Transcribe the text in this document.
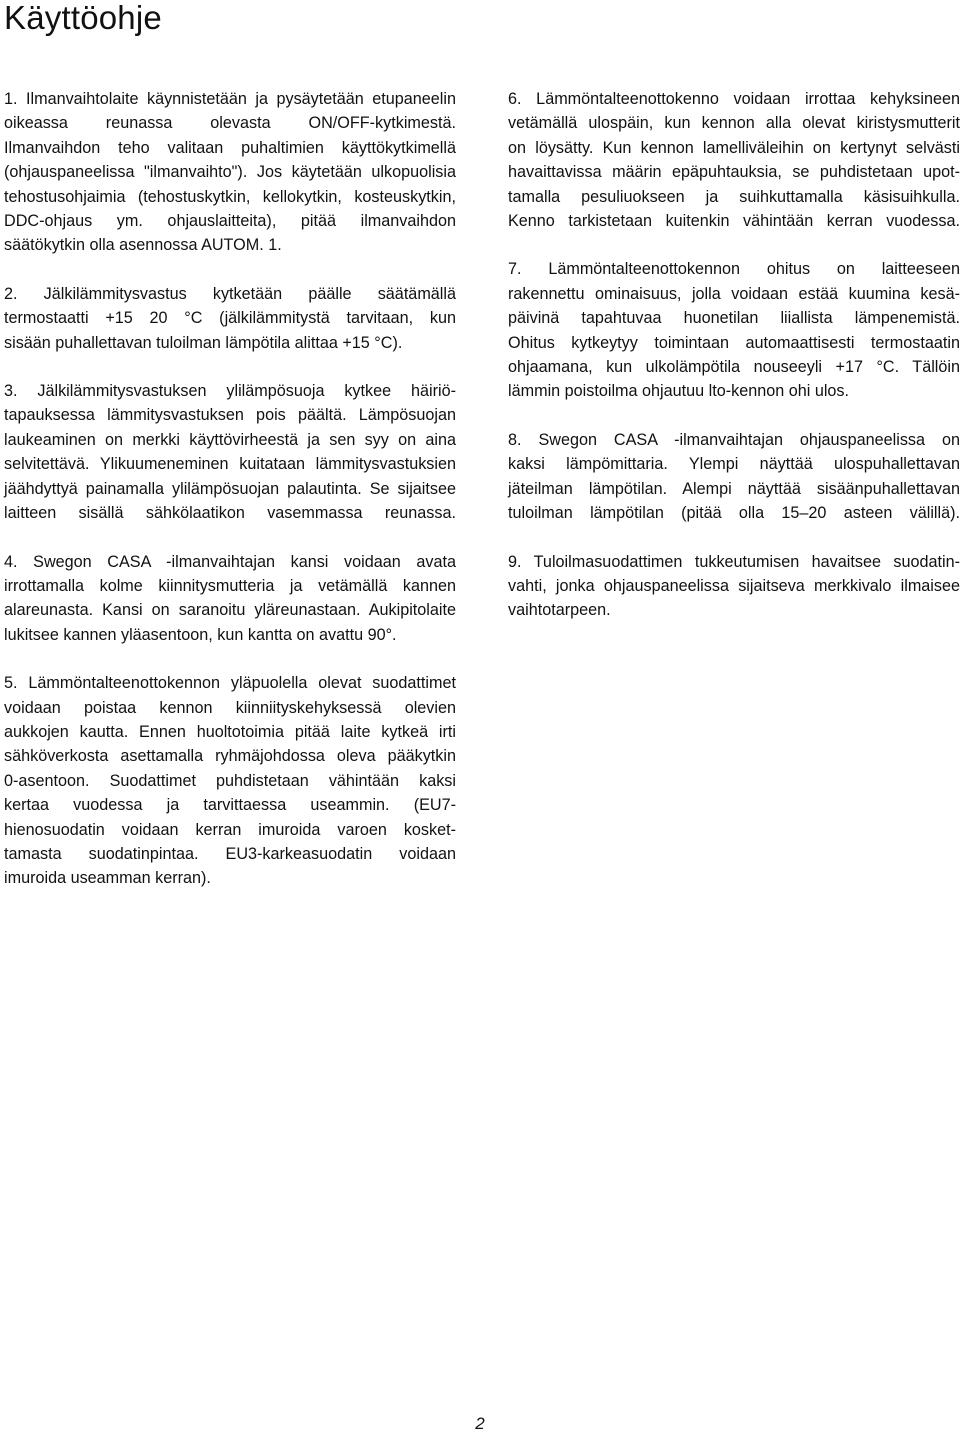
Käyttöohje

1. Ilmanvaihtolaite käynnistetään ja pysäytetään etupaneelin
oikeassa reunassa olevasta ON/OFF-kytkimestä.
Ilmanvaihdon teho valitaan puhaltimien käyttökytkimellä
(ohjauspaneelissa "ilmanvaihto"). Jos käytetään ulkopuolisia
tehostusohjaimia (tehostuskytkin, kellokytkin, kosteuskytkin,
DDC-ohjaus ym. ohjauslaitteita), pitää ilmanvaihdon
säätökytkin olla asennossa AUTOM. 1.

2. Jälkilämmitysvastus kytketään päälle säätämällä
termostaatti +15 20 °C (jälkilämmitystä tarvitaan, kun
sisään puhallettavan tuloilman lämpötila alittaa +15 °C).

3. Jälkilämmitysvastuksen ylilämpösuoja kytkee häiriö-
tapauksessa lämmitysvastuksen pois päältä. Lämpösuojan
laukeaminen on merkki käyttövirheestä ja sen syy on aina
selvitettävä. Ylikuumeneminen kuitataan lämmitysvastuksien
jäähdyttyä painamalla ylilämpösuojan palautinta. Se sijaitsee
laitteen sisällä sähkölaatikon vasemmassa reunassa.

4. Swegon CASA -ilmanvaihtajan kansi voidaan avata
irrottamalla kolme kiinnitysmutteria ja vetämällä kannen
alareunasta. Kansi on saranoitu yläreunastaan. Aukipitolaite
lukitsee kannen yläasentoon, kun kantta on avattu 90°.

5. Lämmöntalteenottokennon yläpuolella olevat suodattimet
voidaan poistaa kennon kiinniityskehyksessä olevien
aukkojen kautta. Ennen huoltotoimia pitää laite kytkeä irti
sähköverkosta asettamalla ryhmäjohdossa oleva pääkytkin
0-asentoon. Suodattimet puhdistetaan vähintään kaksi
kertaa vuodessa ja tarvittaessa useammin. (EU7-
hienosuodatin voidaan kerran imuroida varoen kosket-
tamasta suodatinpintaa. EU3-karkeasuodatin voidaan
imuroida useamman kerran).

6. Lämmöntalteenottokenno voidaan irrottaa kehyksineen
vetämällä ulospäin, kun kennon alla olevat kiristysmutterit
on löysätty. Kun kennon lamelliväleihin on kertynyt selvästi
havaittavissa määrin epäpuhtauksia, se puhdistetaan upot-
tamalla pesuliuokseen ja suihkuttamalla käsisuihkulla.
Kenno tarkistetaan kuitenkin vähintään kerran vuodessa.

7. Lämmöntalteenottokennon ohitus on laitteeseen
rakennettu ominaisuus, jolla voidaan estää kuumina kesä-
päivinä tapahtuvaa huonetilan liiallista lämpenemistä.
Ohitus kytkeytyy toimintaan automaattisesti termostaatin
ohjaamana, kun ulkolämpötila nouseeyli +17 °C. Tällöin
lämmin poistoilma ohjautuu lto-kennon ohi ulos.

8. Swegon CASA -ilmanvaihtajan ohjauspaneelissa on
kaksi lämpömittaria. Ylempi näyttää ulospuhallettavan
jäteilman lämpötilan. Alempi näyttää sisäänpuhallettavan
tuloilman lämpötilan (pitää olla 15–20 asteen välillä).

9. Tuloilmasuodattimen tukkeutumisen havaitsee suodatin-
vahti, jonka ohjauspaneelissa sijaitseva merkkivalo ilmaisee
vaihtotarpeen.

2
